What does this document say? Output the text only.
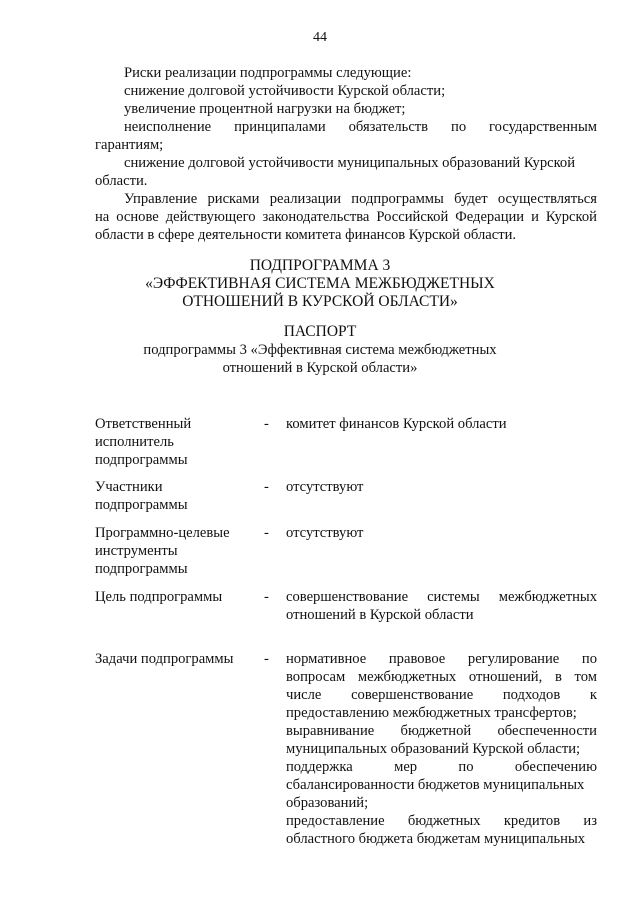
44
Риски реализации подпрограммы следующие:
снижение долговой устойчивости Курской области;
увеличение процентной нагрузки на бюджет;
неисполнение принципалами обязательств по государственным
гарантиям;
снижение долговой устойчивости муниципальных образований Курской
области.
Управление рисками реализации подпрограммы будет осуществляться
на основе действующего законодательства Российской Федерации и Курской
области в сфере деятельности комитета финансов Курской области.
ПОДПРОГРАММА 3
«ЭФФЕКТИВНАЯ СИСТЕМА МЕЖБЮДЖЕТНЫХ
ОТНОШЕНИЙ В КУРСКОЙ ОБЛАСТИ»
ПАСПОРТ
подпрограммы 3 «Эффективная система межбюджетных
отношений в Курской области»
Ответственный
исполнитель
подпрограммы
- комитет финансов Курской области
Участники
подпрограммы
- отсутствуют
Программно-целевые
инструменты
подпрограммы
- отсутствуют
Цель подпрограммы	- совершенствование системы межбюджетных
отношений в Курской области
Задачи подпрограммы	- нормативное правовое регулирование по
вопросам межбюджетных отношений, в том
числе совершенствование подходов к
предоставлению межбюджетных трансфертов;
выравнивание бюджетной обеспеченности
муниципальных образований Курской области;
поддержка мер по обеспечению
сбалансированности бюджетов муниципальных
образований;
предоставление бюджетных кредитов из
областного бюджета бюджетам муниципальных
